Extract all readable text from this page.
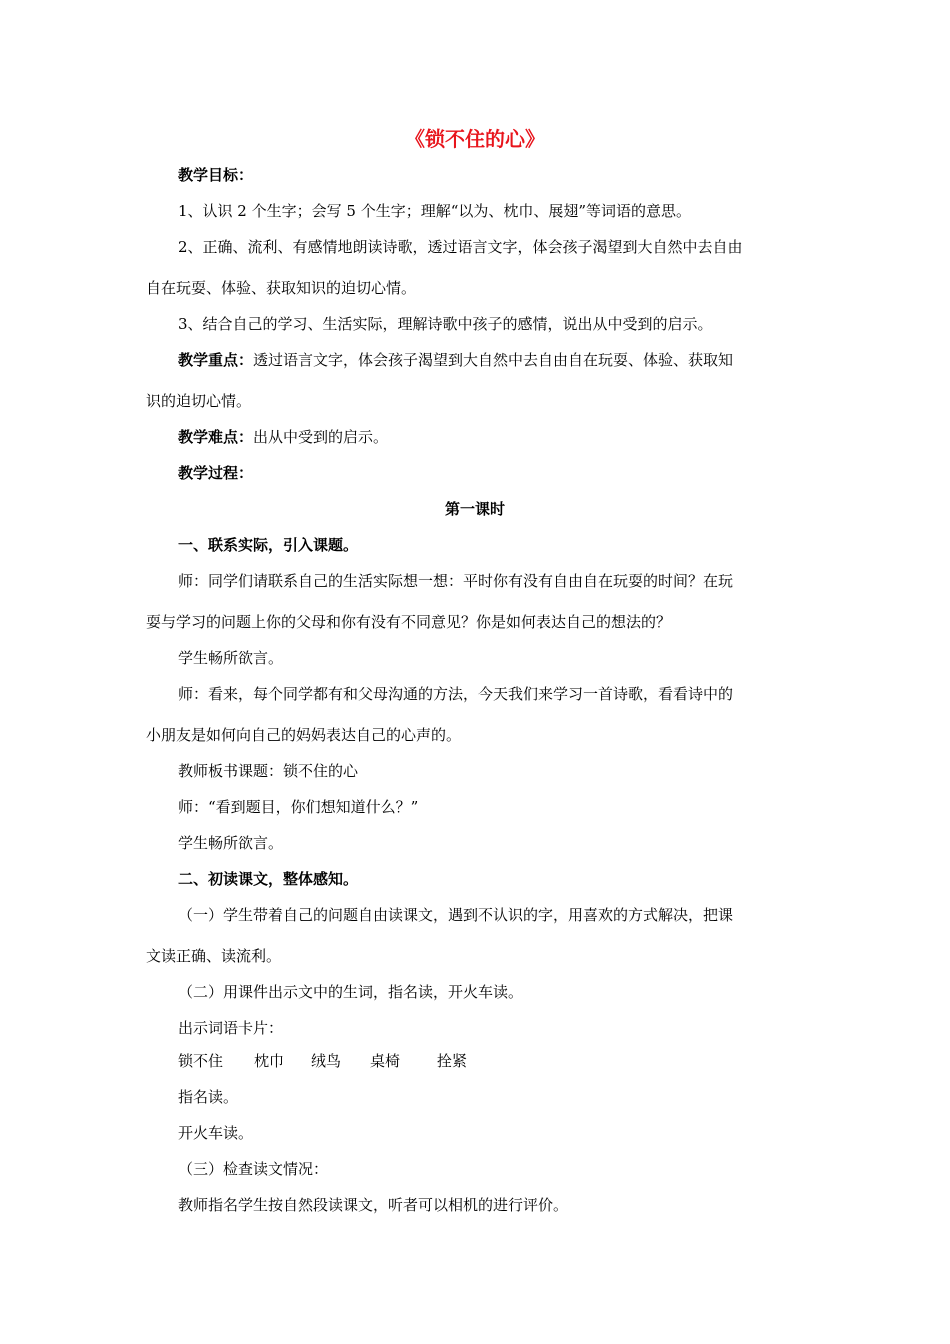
《锁不住的心》
教学目标：
1、认识 2 个生字；会写 5 个生字；理解“以为、枕巾、展翅”等词语的意思。
2、正确、流利、有感情地朗读诗歌，透过语言文字，体会孩子渴望到大自然中去自由
自在玩耍、体验、获取知识的迫切心情。
3、结合自己的学习、生活实际，理解诗歌中孩子的感情，说出从中受到的启示。
教学重点：透过语言文字，体会孩子渴望到大自然中去自由自在玩耍、体验、获取知
识的迫切心情。
教学难点：出从中受到的启示。
教学过程：
第一课时
一、联系实际，引入课题。
师：同学们请联系自己的生活实际想一想：平时你有没有自由自在玩耍的时间？在玩
耍与学习的问题上你的父母和你有没有不同意见？你是如何表达自己的想法的？
学生畅所欲言。
师：看来，每个同学都有和父母沟通的方法，今天我们来学习一首诗歌，看看诗中的
小朋友是如何向自己的妈妈表达自己的心声的。
教师板书课题：锁不住的心
师：“看到题目，你们想知道什么？”
学生畅所欲言。
二、初读课文，整体感知。
（一）学生带着自己的问题自由读课文，遇到不认识的字，用喜欢的方式解决，把课
文读正确、读流利。
（二）用课件出示文中的生词，指名读，开火车读。
出示词语卡片：
锁不住 枕巾 绒鸟 桌椅 拴紧
指名读。
开火车读。
（三）检查读文情况：
教师指名学生按自然段读课文，听者可以相机的进行评价。
